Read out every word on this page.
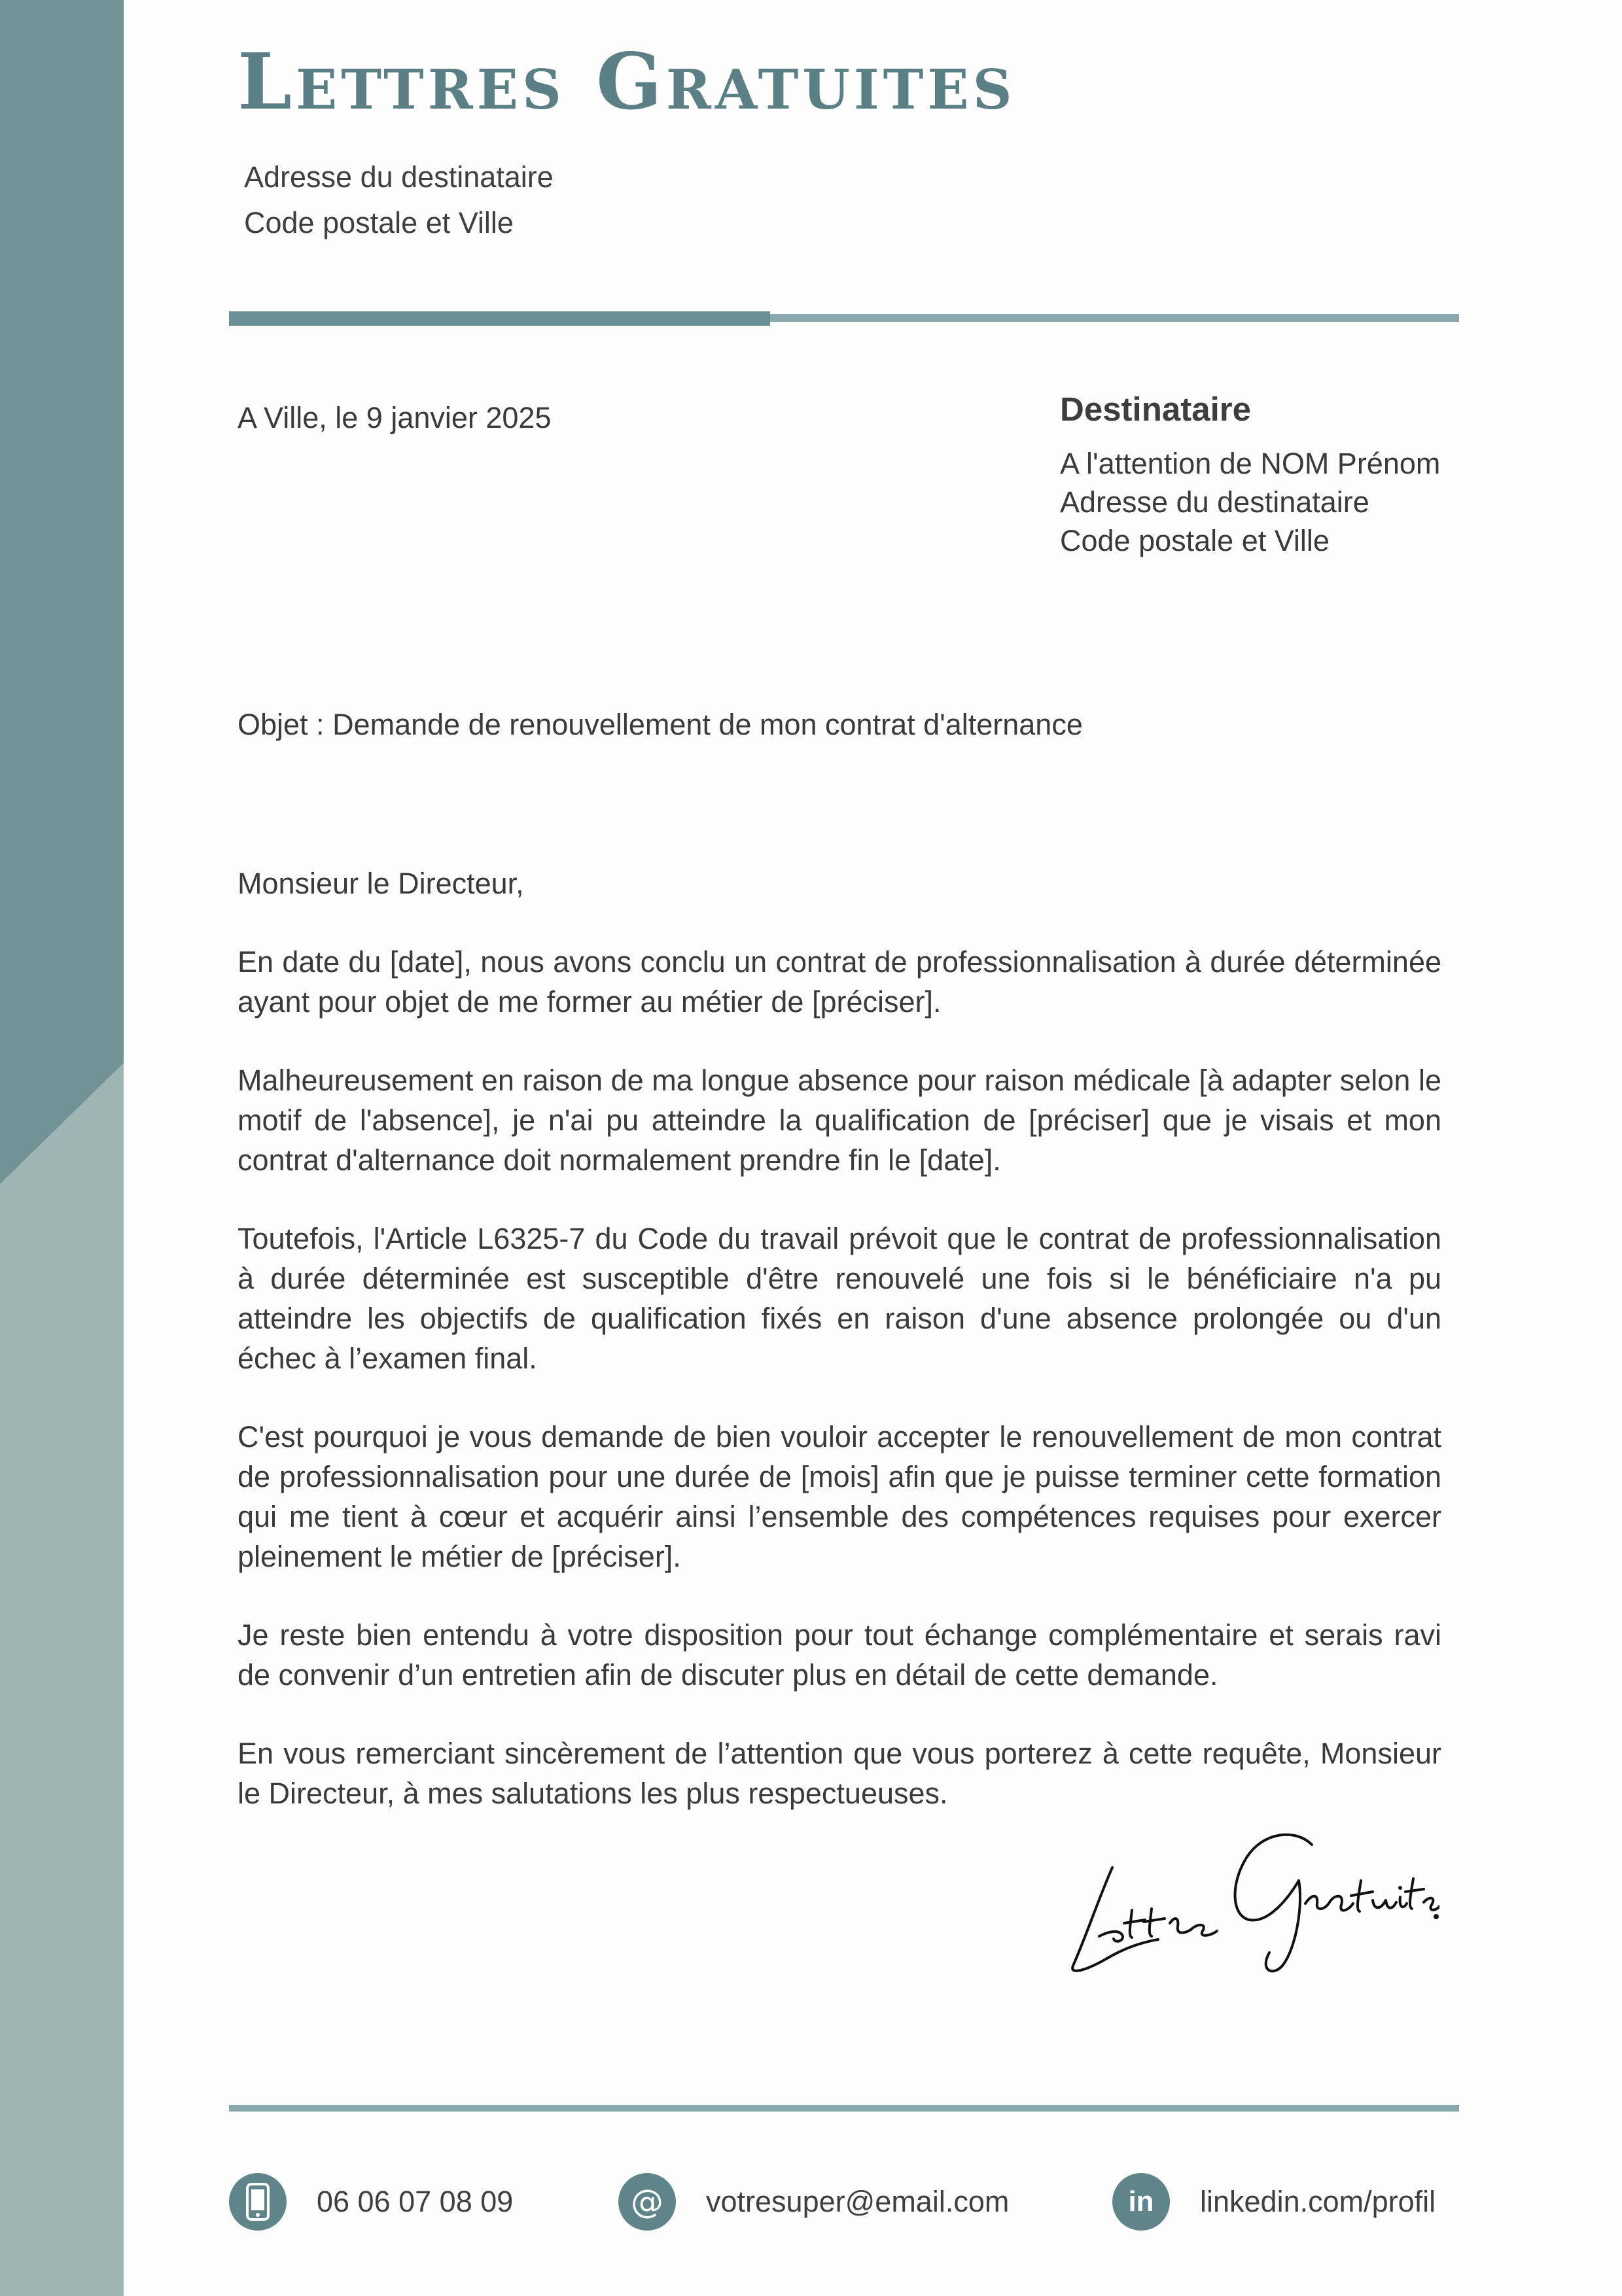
Lettres Gratuites
Adresse du destinataire
Code postale et Ville
A Ville, le 9 janvier 2025	Destinataire
A l'attention de NOM Prénom
Adresse du destinataire
Code postale et Ville
Objet : Demande de renouvellement de mon contrat d'alternance

Monsieur le Directeur,

En date du [date], nous avons conclu un contrat de professionnalisation à durée déterminée ayant pour objet de me former au métier de [préciser].

Malheureusement en raison de ma longue absence pour raison médicale [à adapter selon le motif de l'absence], je n'ai pu atteindre la qualification de [préciser] que je visais et mon contrat d'alternance doit normalement prendre fin le [date].

Toutefois, l'Article L6325-7 du Code du travail prévoit que le contrat de professionnalisation à durée déterminée est susceptible d'être renouvelé une fois si le bénéficiaire n'a pu atteindre les objectifs de qualification fixés en raison d'une absence prolongée ou d'un échec à l’examen final.

C'est pourquoi je vous demande de bien vouloir accepter le renouvellement de mon contrat de professionnalisation pour une durée de [mois] afin que je puisse terminer cette formation qui me tient à cœur et acquérir ainsi l’ensemble des compétences requises pour exercer pleinement le métier de [préciser].

Je reste bien entendu à votre disposition pour tout échange complémentaire et serais ravi de convenir d’un entretien afin de discuter plus en détail de cette demande.

En vous remerciant sincèrement de l’attention que vous porterez à cette requête, Monsieur le Directeur, à mes salutations les plus respectueuses.

06 06 07 08 09	@ votresuper@email.com	in linkedin.com/profil
